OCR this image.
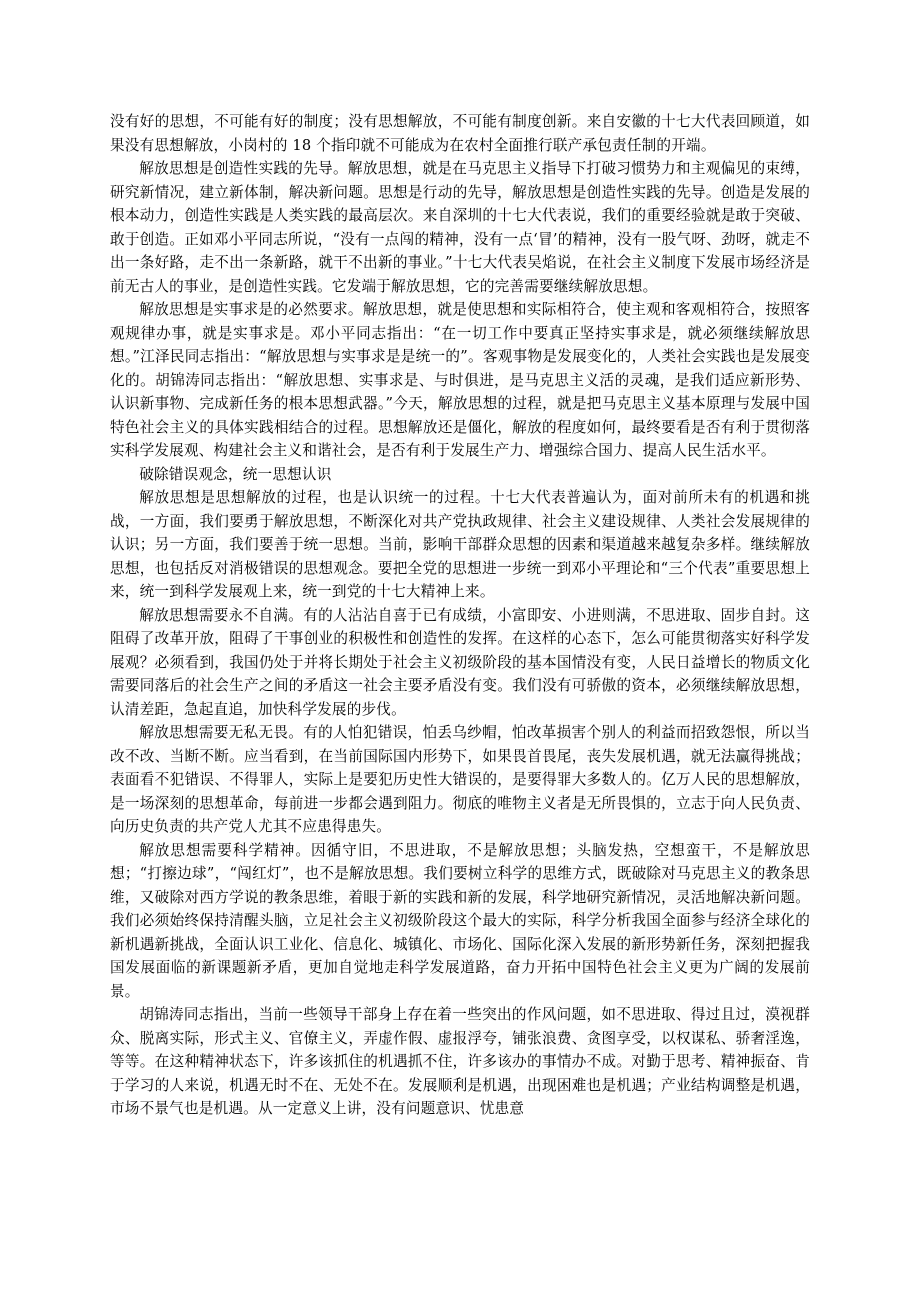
没有好的思想，不可能有好的制度；没有思想解放，不可能有制度创新。来自安徽的十七大代表回顾道，如果没有思想解放，小岗村的 18 个指印就不可能成为在农村全面推行联产承包责任制的开端。

解放思想是创造性实践的先导。解放思想，就是在马克思主义指导下打破习惯势力和主观偏见的束缚，研究新情况，建立新体制，解决新问题。思想是行动的先导，解放思想是创造性实践的先导。创造是发展的根本动力，创造性实践是人类实践的最高层次。来自深圳的十七大代表说，我们的重要经验就是敢于突破、敢于创造。正如邓小平同志所说，“没有一点闯的精神，没有一点‘冒’的精神，没有一股气呀、劲呀，就走不出一条好路，走不出一条新路，就干不出新的事业。”十七大代表吴焰说，在社会主义制度下发展市场经济是前无古人的事业，是创造性实践。它发端于解放思想，它的完善需要继续解放思想。

解放思想是实事求是的必然要求。解放思想，就是使思想和实际相符合，使主观和客观相符合，按照客观规律办事，就是实事求是。邓小平同志指出：“在一切工作中要真正坚持实事求是，就必须继续解放思想。”江泽民同志指出：“解放思想与实事求是是统一的”。客观事物是发展变化的，人类社会实践也是发展变化的。胡锦涛同志指出：“解放思想、实事求是、与时俱进，是马克思主义活的灵魂，是我们适应新形势、认识新事物、完成新任务的根本思想武器。”今天，解放思想的过程，就是把马克思主义基本原理与发展中国特色社会主义的具体实践相结合的过程。思想解放还是僵化，解放的程度如何，最终要看是否有利于贯彻落实科学发展观、构建社会主义和谐社会，是否有利于发展生产力、增强综合国力、提高人民生活水平。

破除错误观念，统一思想认识

解放思想是思想解放的过程，也是认识统一的过程。十七大代表普遍认为，面对前所未有的机遇和挑战，一方面，我们要勇于解放思想，不断深化对共产党执政规律、社会主义建设规律、人类社会发展规律的认识；另一方面，我们要善于统一思想。当前，影响干部群众思想的因素和渠道越来越复杂多样。继续解放思想，也包括反对消极错误的思想观念。要把全党的思想进一步统一到邓小平理论和“三个代表”重要思想上来，统一到科学发展观上来，统一到党的十七大精神上来。

解放思想需要永不自满。有的人沾沾自喜于已有成绩，小富即安、小进则满，不思进取、固步自封。这阻碍了改革开放，阻碍了干事创业的积极性和创造性的发挥。在这样的心态下，怎么可能贯彻落实好科学发展观？必须看到，我国仍处于并将长期处于社会主义初级阶段的基本国情没有变，人民日益增长的物质文化需要同落后的社会生产之间的矛盾这一社会主要矛盾没有变。我们没有可骄傲的资本，必须继续解放思想，认清差距，急起直追，加快科学发展的步伐。

解放思想需要无私无畏。有的人怕犯错误，怕丢乌纱帽，怕改革损害个别人的利益而招致怨恨，所以当改不改、当断不断。应当看到，在当前国际国内形势下，如果畏首畏尾，丧失发展机遇，就无法赢得挑战；表面看不犯错误、不得罪人，实际上是要犯历史性大错误的，是要得罪大多数人的。亿万人民的思想解放，是一场深刻的思想革命，每前进一步都会遇到阻力。彻底的唯物主义者是无所畏惧的，立志于向人民负责、向历史负责的共产党人尤其不应患得患失。

解放思想需要科学精神。因循守旧，不思进取，不是解放思想；头脑发热，空想蛮干，不是解放思想；“打擦边球”，“闯红灯”，也不是解放思想。我们要树立科学的思维方式，既破除对马克思主义的教条思维，又破除对西方学说的教条思维，着眼于新的实践和新的发展，科学地研究新情况，灵活地解决新问题。我们必须始终保持清醒头脑，立足社会主义初级阶段这个最大的实际，科学分析我国全面参与经济全球化的新机遇新挑战，全面认识工业化、信息化、城镇化、市场化、国际化深入发展的新形势新任务，深刻把握我国发展面临的新课题新矛盾，更加自觉地走科学发展道路，奋力开拓中国特色社会主义更为广阔的发展前景。

胡锦涛同志指出，当前一些领导干部身上存在着一些突出的作风问题，如不思进取、得过且过，漠视群众、脱离实际，形式主义、官僚主义，弄虚作假、虚报浮夸，铺张浪费、贪图享受，以权谋私、骄奢淫逸，等等。在这种精神状态下，许多该抓住的机遇抓不住，许多该办的事情办不成。对勤于思考、精神振奋、肯于学习的人来说，机遇无时不在、无处不在。发展顺利是机遇，出现困难也是机遇；产业结构调整是机遇，市场不景气也是机遇。从一定意义上讲，没有问题意识、忧患意
